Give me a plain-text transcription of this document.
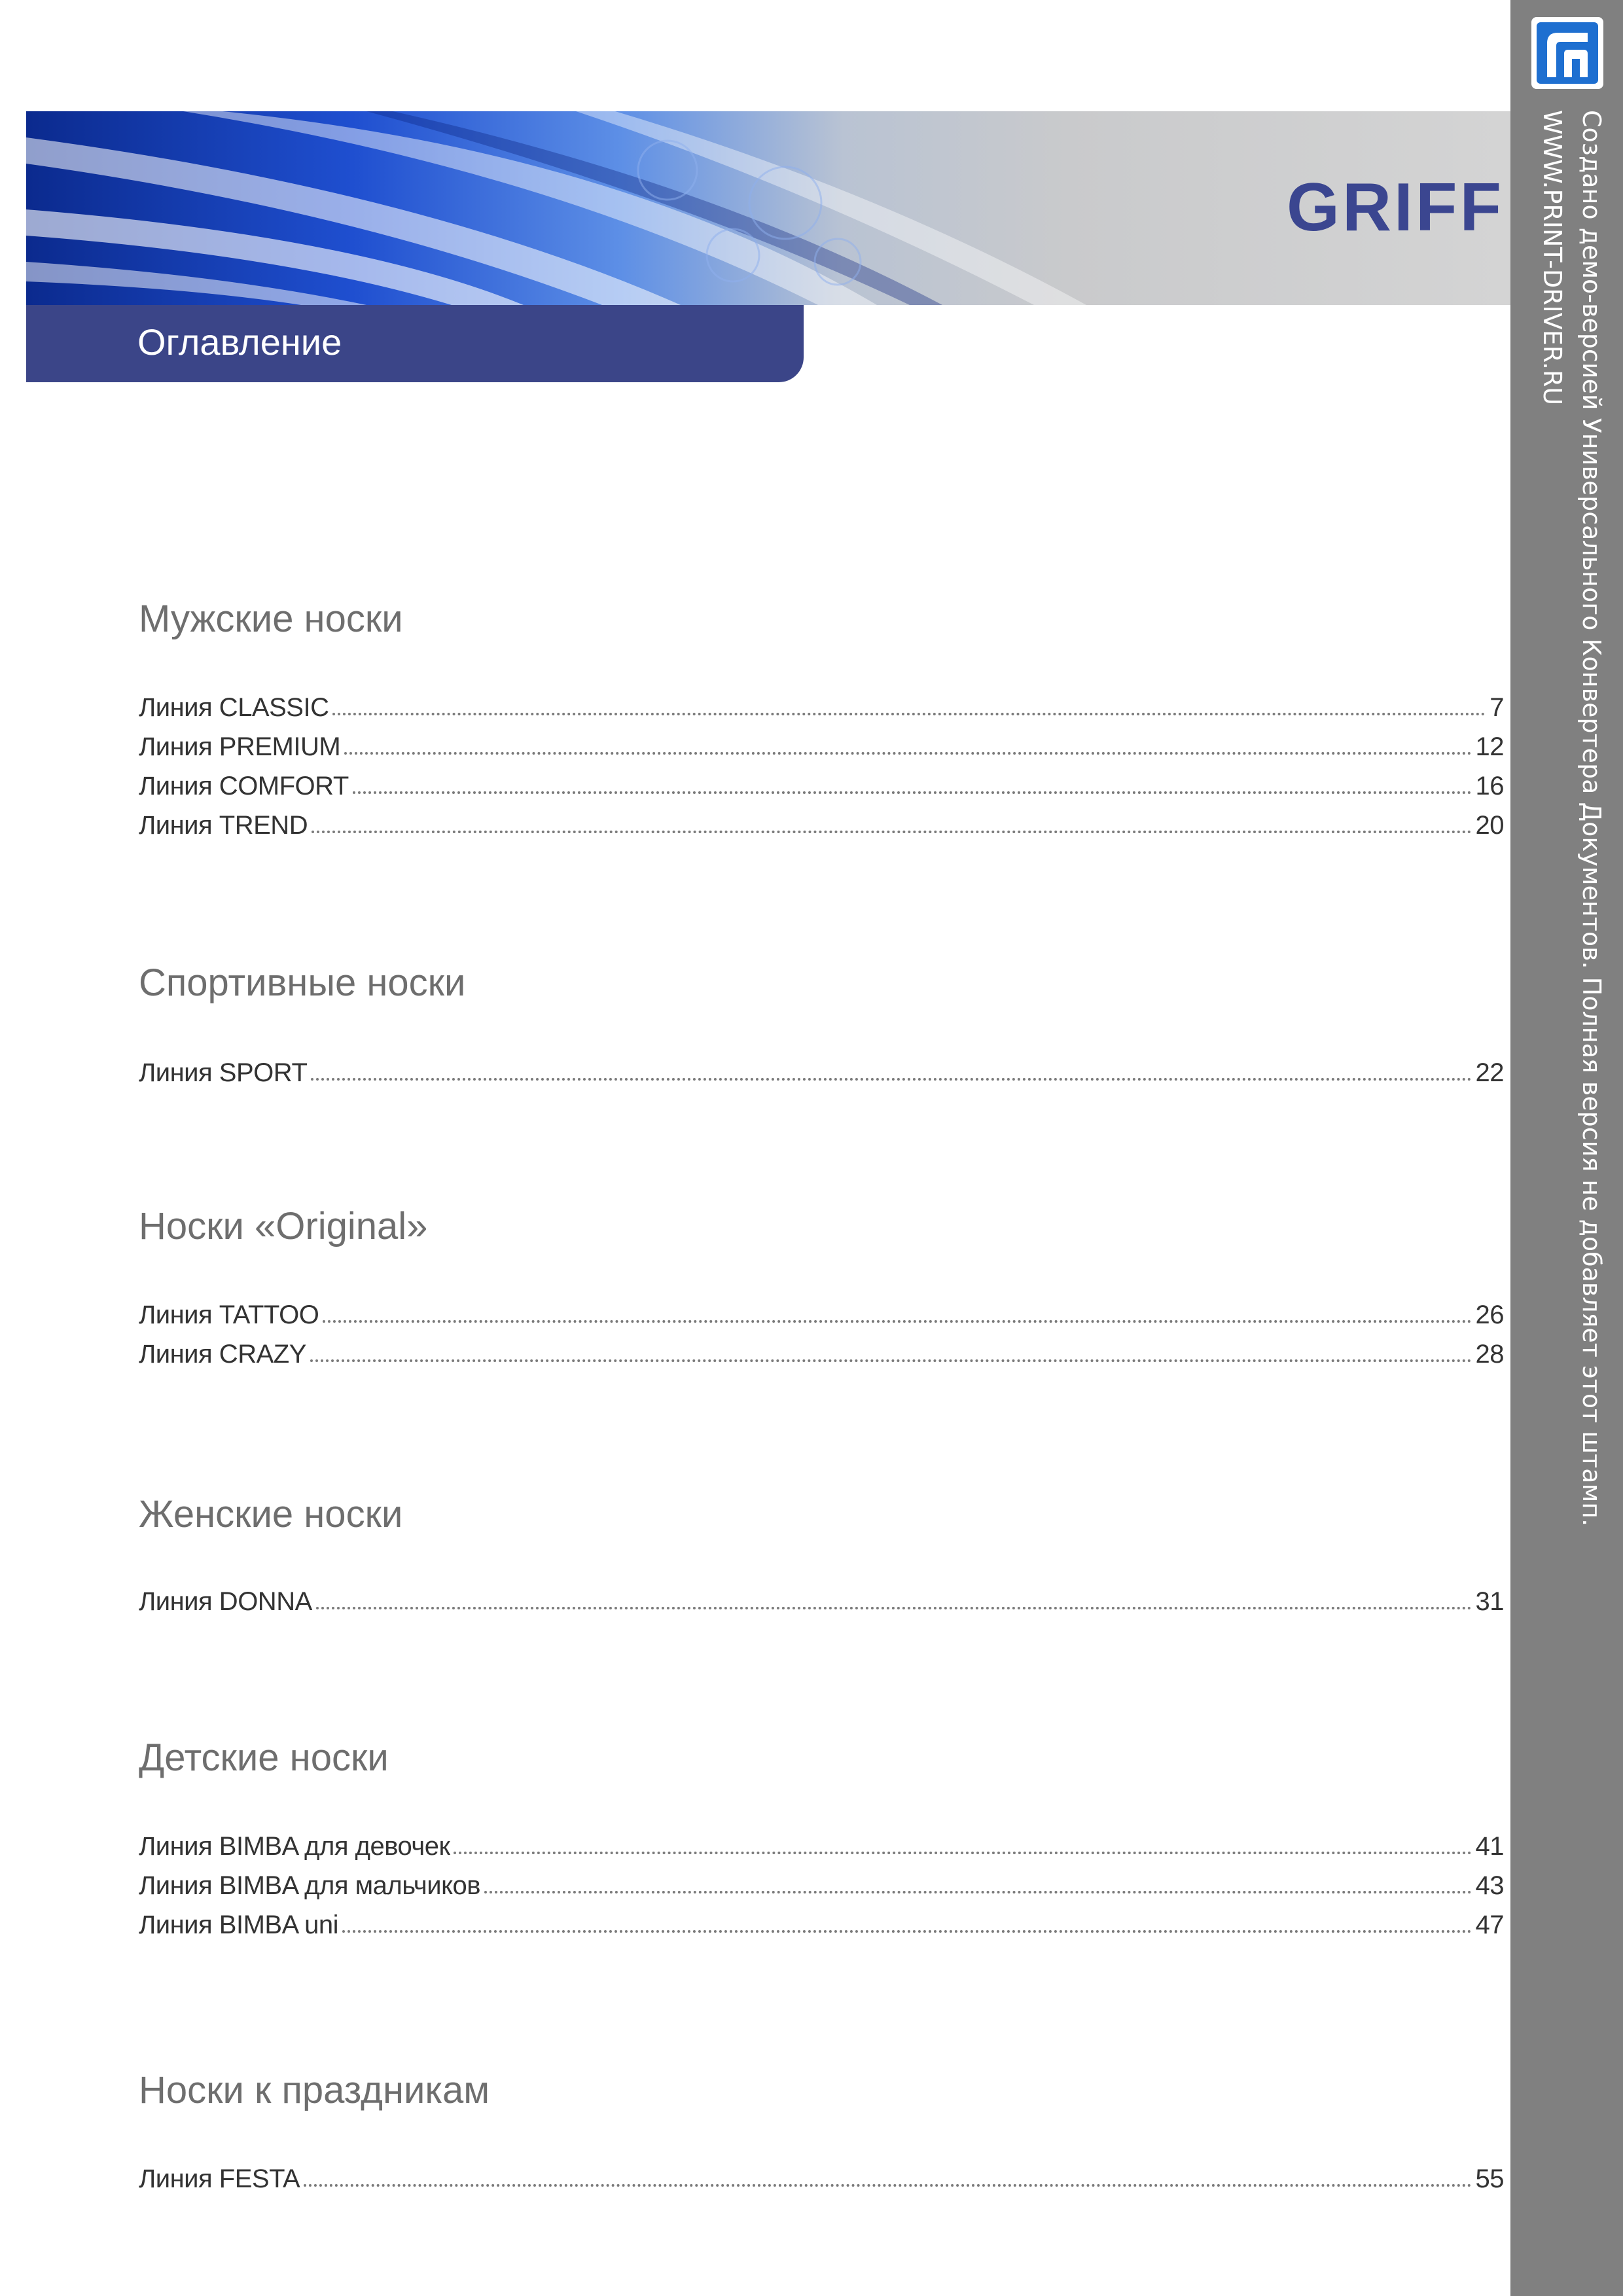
GRIFF
Оглавление
Мужские носки
Линия CLASSIC	7
Линия PREMIUM	12
Линия COMFORT	16
Линия TREND	20
Спортивные носки
Линия SPORT	22
Носки «Original»
Линия TATTOO	26
Линия CRAZY	28
Женские носки
Линия DONNA	31
Детские носки
Линия BIMBA для девочек	41
Линия BIMBA для мальчиков	43
Линия BIMBA uni	47
Носки к праздникам
Линия FESTA	55
Создано демо-версией Универсального Конвертера Документов. Полная версия не добавляет этот штамп.
WWW.PRINT-DRIVER.RU
